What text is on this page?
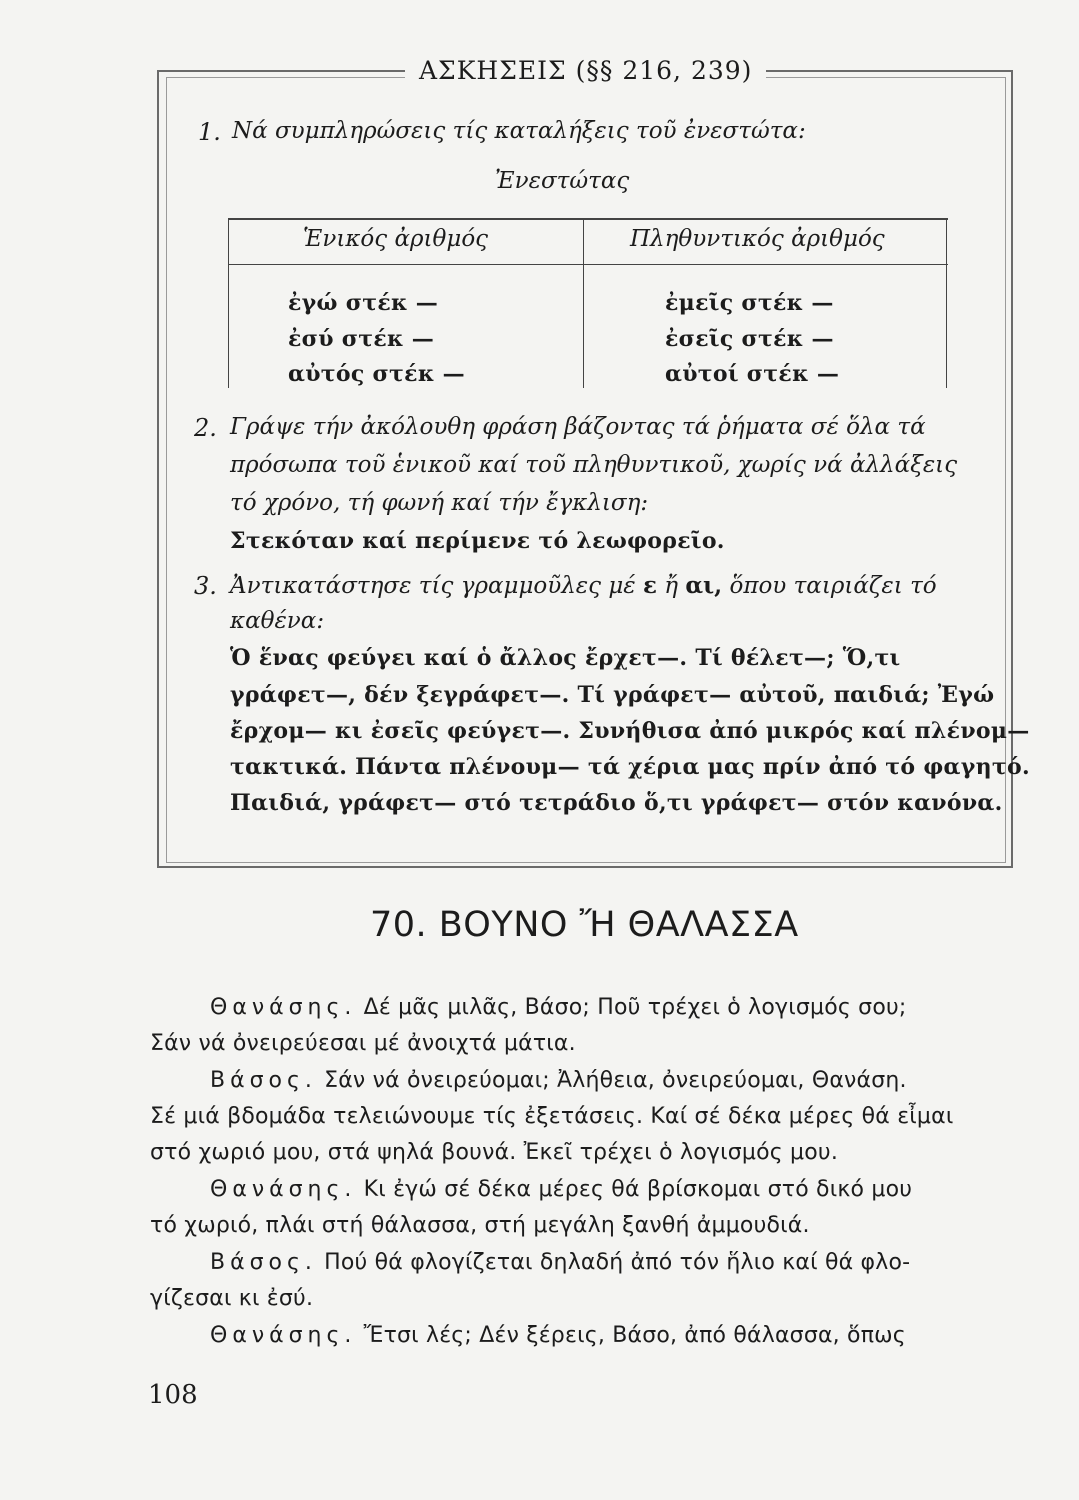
ΑΣΚΗΣΕΙΣ (§§ 216, 239)
1. Νά συμπληρώσεις τίς καταλήξεις τοῦ ἐνεστώτα:
Ἐνεστώτας
Ἑνικός ἀριθμός	Πληθυντικός ἀριθμός
ἐγώ στέκ —
ἐσύ στέκ —
αὐτός στέκ —
ἐμεῖς στέκ —
ἐσεῖς στέκ —
αὐτοί στέκ —
2. Γράψε τήν ἀκόλουθη φράση βάζοντας τά ῥήματα σέ ὅλα τά
πρόσωπα τοῦ ἑνικοῦ καί τοῦ πληθυντικοῦ, χωρίς νά ἀλλάξεις
τό χρόνο, τή φωνή καί τήν ἔγκλιση:
Στεκόταν καί περίμενε τό λεωφορεῖο.
3. Ἀντικατάστησε τίς γραμμοῦλες μέ ε ἤ αι, ὅπου ταιριάζει τό
καθένα:
Ὁ ἕνας φεύγει καί ὁ ἄλλος ἔρχετ—. Τί θέλετ—; Ὅ,τι
γράφετ—, δέν ξεγράφετ—. Τί γράφετ— αὐτοῦ, παιδιά; Ἐγώ
ἔρχομ— κι ἐσεῖς φεύγετ—. Συνήθισα ἀπό μικρός καί πλένομ—
τακτικά. Πάντα πλένουμ— τά χέρια μας πρίν ἀπό τό φαγητό.
Παιδιά, γράφετ— στό τετράδιο ὅ,τι γράφετ— στόν κανόνα.
70. ΒΟΥΝΟ Ἤ ΘΑΛΑΣΣΑ
Θανάσης. Δέ μᾶς μιλᾶς, Βάσο; Ποῦ τρέχει ὁ λογισμός σου;
Σάν νά ὀνειρεύεσαι μέ ἀνοιχτά μάτια.
Βάσος. Σάν νά ὀνειρεύομαι; Ἀλήθεια, ὀνειρεύομαι, Θανάση.
Σέ μιά βδομάδα τελειώνουμε τίς ἐξετάσεις. Καί σέ δέκα μέρες θά εἶμαι
στό χωριό μου, στά ψηλά βουνά. Ἐκεῖ τρέχει ὁ λογισμός μου.
Θανάσης. Κι ἐγώ σέ δέκα μέρες θά βρίσκομαι στό δικό μου
τό χωριό, πλάι στή θάλασσα, στή μεγάλη ξανθή ἀμμουδιά.
Βάσος. Πού θά φλογίζεται δηλαδή ἀπό τόν ἥλιο καί θά φλο-
γίζεσαι κι ἐσύ.
Θανάσης. Ἔτσι λές; Δέν ξέρεις, Βάσο, ἀπό θάλασσα, ὅπως
108
